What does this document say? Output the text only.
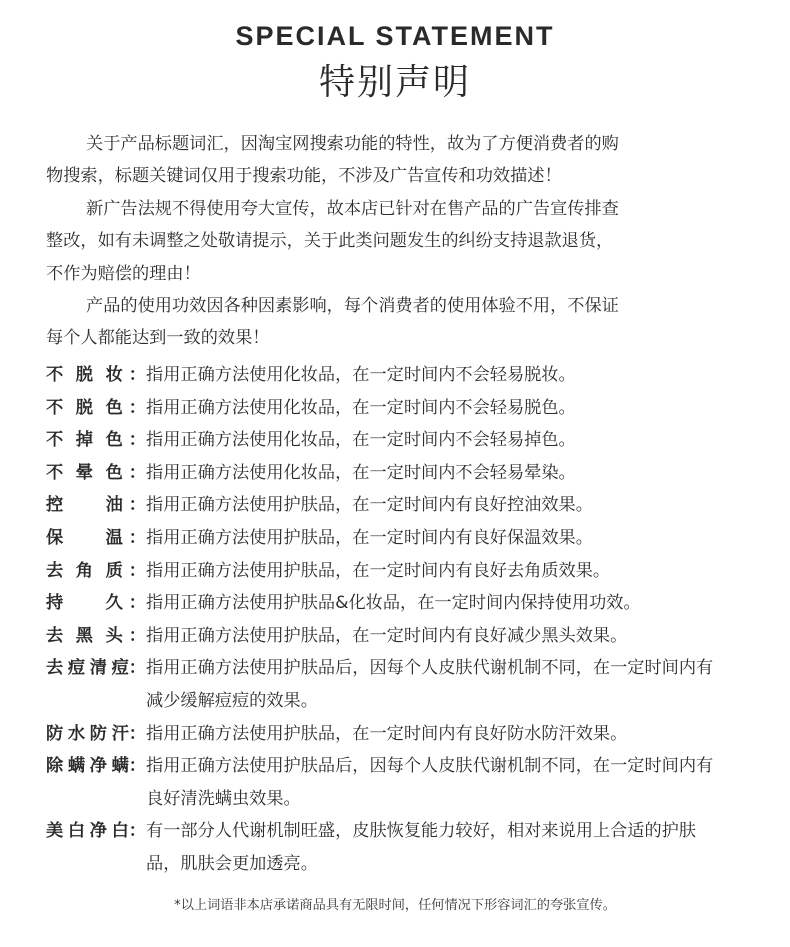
SPECIAL STATEMENT
特别声明

关于产品标题词汇，因淘宝网搜索功能的特性，故为了方便消费者的购
物搜索，标题关键词仅用于搜索功能，不涉及广告宣传和功效描述！

新广告法规不得使用夸大宣传，故本店已针对在售产品的广告宣传排查
整改，如有未调整之处敬请提示，关于此类问题发生的纠纷支持退款退货，
不作为赔偿的理由！

产品的使用功效因各种因素影响，每个消费者的使用体验不用，不保证
每个人都能达到一致的效果！

不 脱 妆 ： 指用正确方法使用化妆品，在一定时间内不会轻易脱妆。
不 脱 色 ： 指用正确方法使用化妆品，在一定时间内不会轻易脱色。
不 掉 色 ： 指用正确方法使用化妆品，在一定时间内不会轻易掉色。
不 晕 色 ： 指用正确方法使用化妆品，在一定时间内不会轻易晕染。
控 油 ： 指用正确方法使用护肤品，在一定时间内有良好控油效果。
保 温 ： 指用正确方法使用护肤品，在一定时间内有良好保温效果。
去 角 质 ： 指用正确方法使用护肤品，在一定时间内有良好去角质效果。
持 久 ： 指用正确方法使用护肤品&化妆品，在一定时间内保持使用功效。
去 黑 头 ： 指用正确方法使用护肤品，在一定时间内有良好减少黑头效果。
去 痘 清 痘 ： 指用正确方法使用护肤品后，因每个人皮肤代谢机制不同，在一定时间内有减少缓解痘痘的效果。
防 水 防 汗 ： 指用正确方法使用护肤品，在一定时间内有良好防水防汗效果。
除 螨 净 螨 ： 指用正确方法使用护肤品后，因每个人皮肤代谢机制不同，在一定时间内有良好清洗螨虫效果。
美 白 净 白 ： 有一部分人代谢机制旺盛，皮肤恢复能力较好，相对来说用上合适的护肤品，肌肤会更加透亮。
*以上词语非本店承诺商品具有无限时间，任何情况下形容词汇的夸张宣传。
